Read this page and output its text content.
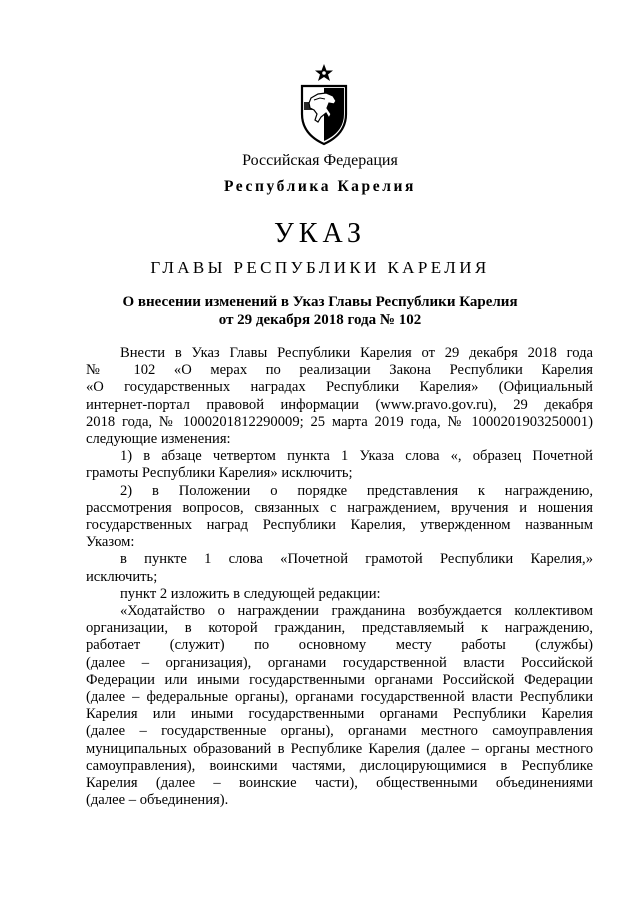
Российская Федерация
Республика Карелия
УКАЗ
ГЛАВЫ РЕСПУБЛИКИ КАРЕЛИЯ
О внесении изменений в Указ Главы Республики Карелия
от 29 декабря 2018 года № 102

Внести в Указ Главы Республики Карелия от 29 декабря 2018 года

№ 102 «О мерах по реализации Закона Республики Карелия
«О государственных наградах Республики Карелия» (Официальный
интернет-портал правовой информации (www.pravo.gov.ru), 29 декабря
2018 года, № 1000201812290009; 25 марта 2019 года, № 1000201903250001)
следующие изменения:

1) в абзаце четвертом пункта 1 Указа слова «, образец Почетной

грамоты Республики Карелия» исключить;

2) в Положении о порядке представления к награждению,

рассмотрения вопросов, связанных с награждением, вручения и ношения
государственных наград Республики Карелия, утвержденном названным
Указом:

в пункте 1 слова «Почетной грамотой Республики Карелия,»

исключить;

пункт 2 изложить в следующей редакции:

«Ходатайство о награждении гражданина возбуждается коллективом

организации, в которой гражданин, представляемый к награждению,
работает (служит) по основному месту работы (службы)
(далее – организация), органами государственной власти Российской
Федерации или иными государственными органами Российской Федерации
(далее – федеральные органы), органами государственной власти Республики
Карелия или иными государственными органами Республики Карелия
(далее – государственные органы), органами местного самоуправления
муниципальных образований в Республике Карелия (далее – органы местного
самоуправления), воинскими частями, дислоцирующимися в Республике
Карелия (далее – воинские части), общественными объединениями
(далее – объединения).
